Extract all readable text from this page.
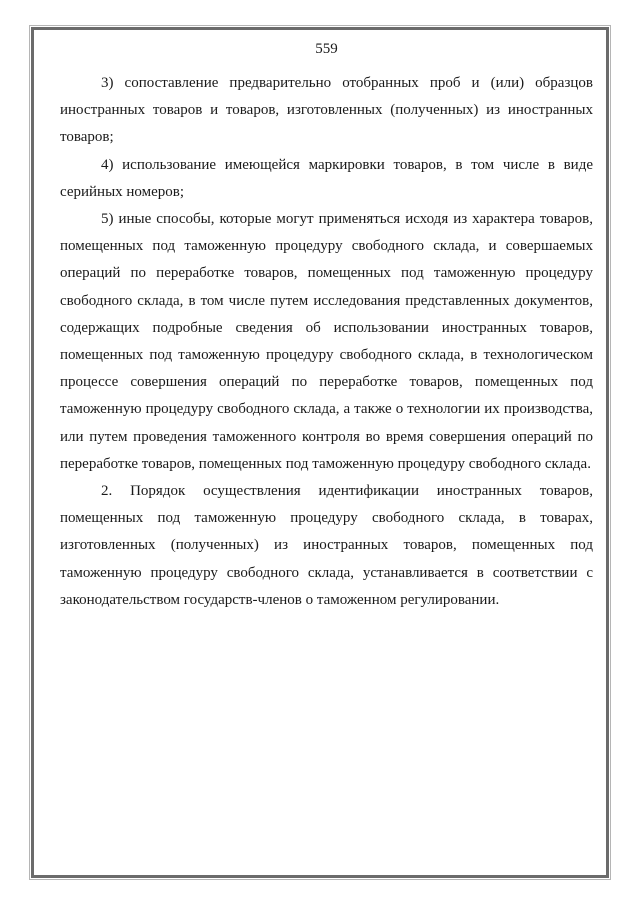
559

3) сопоставление предварительно отобранных проб и (или) образцов иностранных товаров и товаров, изготовленных (полученных) из иностранных товаров;

4) использование имеющейся маркировки товаров, в том числе в виде серийных номеров;

5) иные способы, которые могут применяться исходя из характера товаров, помещенных под таможенную процедуру свободного склада, и совершаемых операций по переработке товаров, помещенных под таможенную процедуру свободного склада, в том числе путем исследования представленных документов, содержащих подробные сведения об использовании иностранных товаров, помещенных под таможенную процедуру свободного склада, в технологическом процессе совершения операций по переработке товаров, помещенных под таможенную процедуру свободного склада, а также о технологии их производства, или путем проведения таможенного контроля во время совершения операций по переработке товаров, помещенных под таможенную процедуру свободного склада.

2. Порядок осуществления идентификации иностранных товаров, помещенных под таможенную процедуру свободного склада, в товарах, изготовленных (полученных) из иностранных товаров, помещенных под таможенную процедуру свободного склада, устанавливается в соответствии с законодательством государств-членов о таможенном регулировании.
